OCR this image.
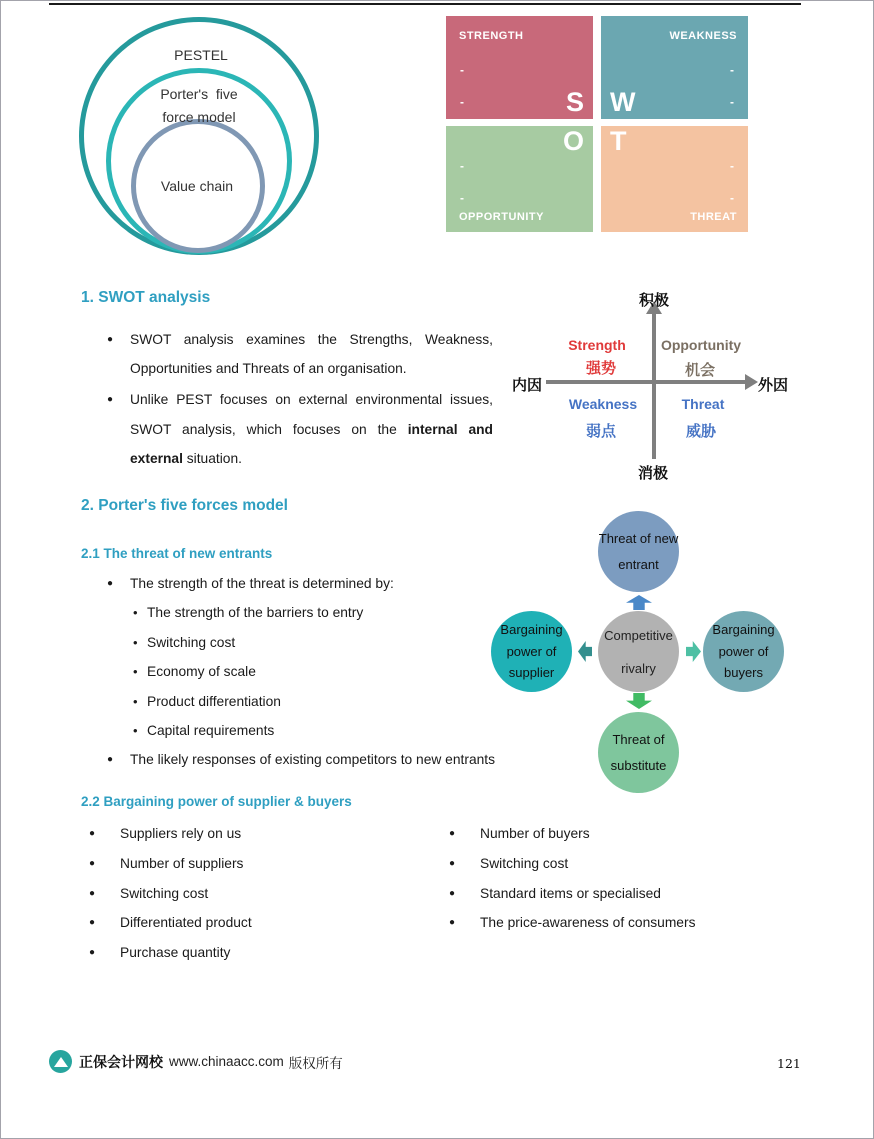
PESTEL
Porter's  five
force model
Value chain
STRENGTH
-
-	S
WEAKNESS
-
-
W
O
-
-
OPPORTUNITY
T
-
-
THREAT
1. SWOT analysis
●	SWOT analysis examines the Strengths, Weakness, Opportunities and Threats of an organisation.
●	Unlike PEST focuses on external environmental issues, SWOT analysis, which focuses on the internal and external situation.
积极
消极
内因	外因
Strength
强势
Opportunity
机会
Weakness
弱点
Threat
威胁
2. Porter's five forces model
2.1 The threat of new entrants
●	The strength of the threat is determined by:
• The strength of the barriers to entry
• Switching cost
• Economy of scale
• Product differentiation
• Capital requirements
●	The likely responses of existing competitors to new entrants
Threat of new entrant
Bargaining power of supplier
Competitive rivalry
Bargaining power of buyers
Threat of substitute
2.2 Bargaining power of supplier & buyers
●	Suppliers rely on us
●	Number of suppliers
●	Switching cost
●	Differentiated product
●	Purchase quantity
●	Number of buyers
●	Switching cost
●	Standard items or specialised
●	The price-awareness of consumers
正保会计网校 www.chinaacc.com 版权所有	121
